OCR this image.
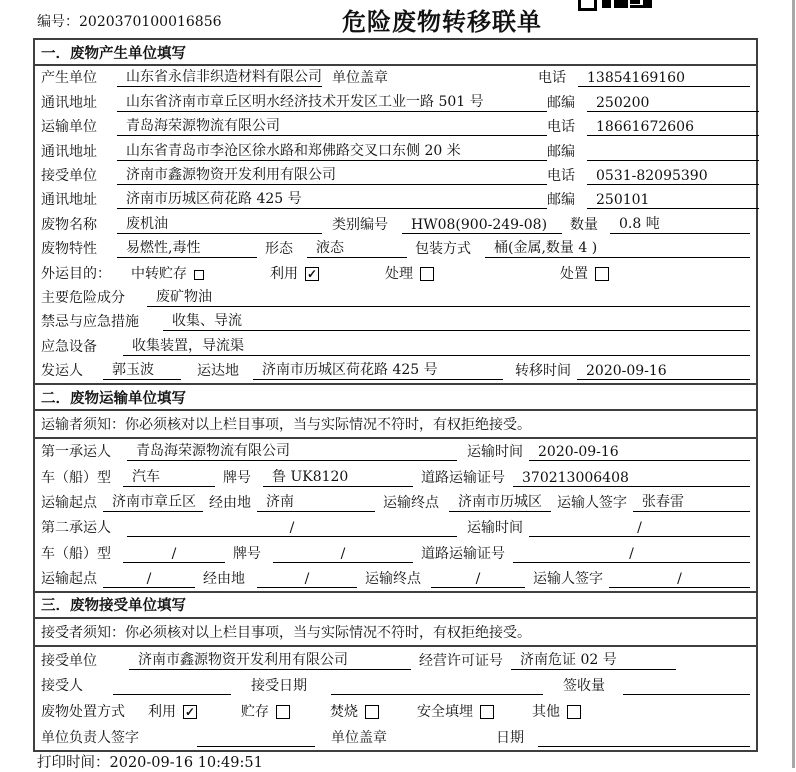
编号：2020370100016856	危险废物转移联单
一．废物产生单位填写
产生单位	山东省永信非织造材料有限公司 单位盖章	电话	13854169160
通讯地址	山东省济南市章丘区明水经济技术开发区工业一路 501 号	邮编	250200
运输单位	青岛海荣源物流有限公司	电话	18661672606
通讯地址	山东省青岛市李沧区徐水路和郑佛路交叉口东侧 20 米	邮编
接受单位	济南市鑫源物资开发利用有限公司	电话	0531-82095390
通讯地址	济南市历城区荷花路 425 号	邮编	250101
废物名称	废机油	类别编号	HW08(900-249-08)	数量	0.8 吨
废物特性	易燃性,毒性	形态	液态	包装方式	桶(金属,数量 4 )
外运目的：	中转贮存	利用 ✓	处理	处置
主要危险成分	废矿物油
禁忌与应急措施	收集、导流
应急设备	收集装置，导流渠
发运人	郭玉波	运达地	济南市历城区荷花路 425 号	转移时间	2020-09-16
二．废物运输单位填写
运输者须知：你必须核对以上栏目事项，当与实际情况不符时，有权拒绝接受。
第一承运人	青岛海荣源物流有限公司	运输时间	2020-09-16
车（船）型	汽车	牌号	鲁 UK8120	道路运输证号	370213006408
运输起点	济南市章丘区 经由地	济南	运输终点	济南市历城区	运输人签字	张春雷
第二承运人	/	运输时间	/
车（船）型	/	牌号	/	道路运输证号	/
运输起点	/	经由地	/	运输终点	/	运输人签字	/
三．废物接受单位填写
接受者须知：你必须核对以上栏目事项，当与实际情况不符时，有权拒绝接受。
接受单位	济南市鑫源物资开发利用有限公司	经营许可证号	济南危证 02 号
接受人	接受日期	签收量
废物处置方式	利用 ✓	贮存	焚烧	安全填埋	其他
单位负责人签字	单位盖章	日期
打印时间：2020-09-16 10:49:51
